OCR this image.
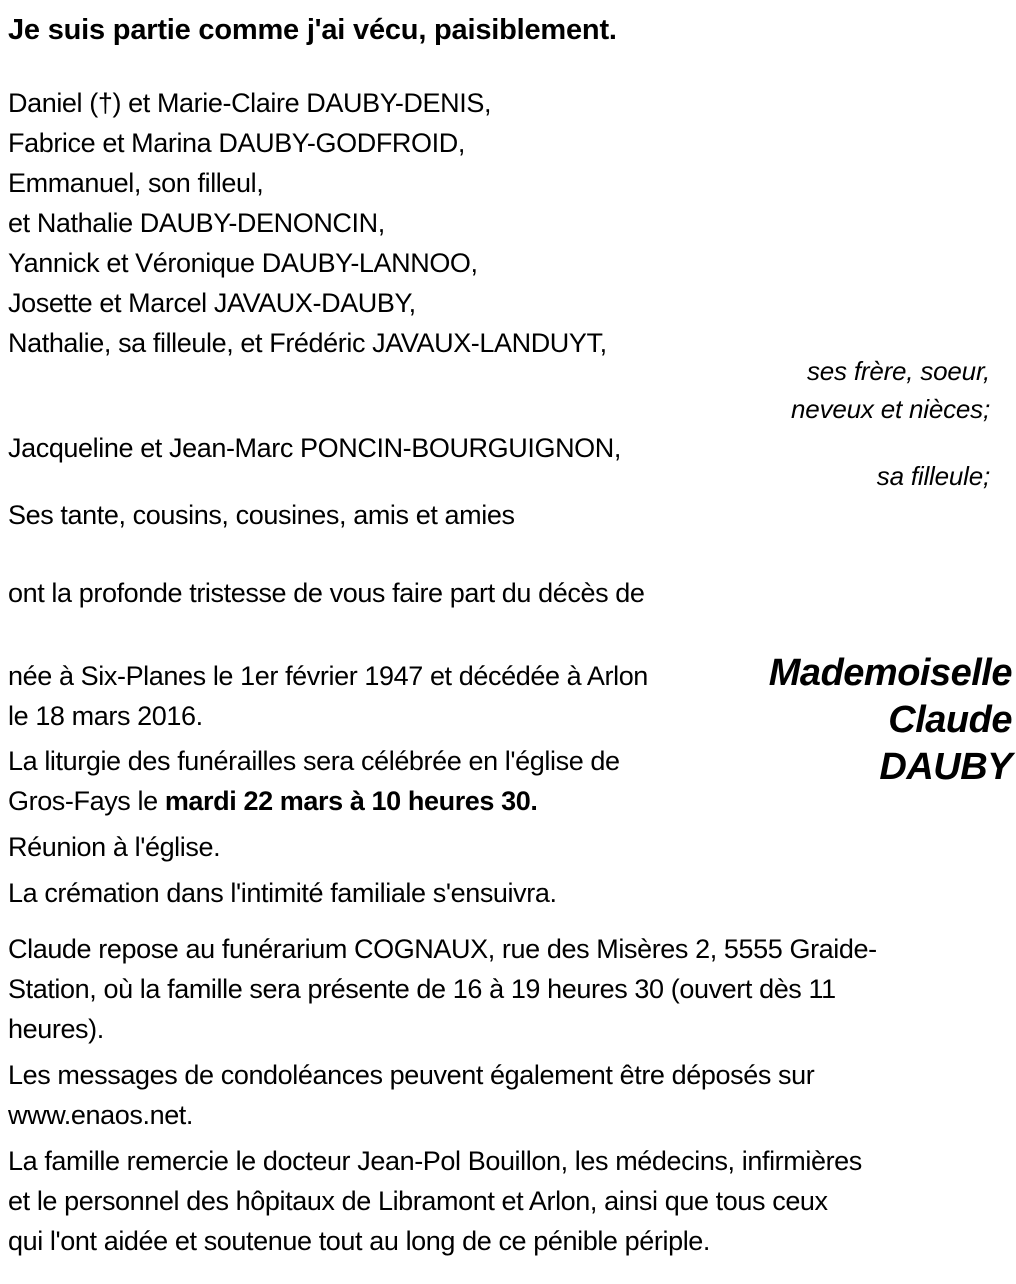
Je suis partie comme j'ai vécu, paisiblement.

Daniel (†) et Marie-Claire DAUBY-DENIS,
Fabrice et Marina DAUBY-GODFROID,
Emmanuel, son filleul,
et Nathalie DAUBY-DENONCIN,
Yannick et Véronique DAUBY-LANNOO,
Josette et Marcel JAVAUX-DAUBY,
Nathalie, sa filleule, et Frédéric JAVAUX-LANDUYT,
ses frère, soeur,
neveux et nièces;
Jacqueline et Jean-Marc PONCIN-BOURGUIGNON,
sa filleule;
Ses tante, cousins, cousines, amis et amies

ont la profonde tristesse de vous faire part du décès de

née à Six-Planes le 1er février 1947 et décédée à Arlon
le 18 mars 2016.
La liturgie des funérailles sera célébrée en l'église de
Gros-Fays le mardi 22 mars à 10 heures 30.
Mademoiselle
Claude
DAUBY

Réunion à l'église.

La crémation dans l'intimité familiale s'ensuivra.

Claude repose au funérarium COGNAUX, rue des Misères 2, 5555 Graide-
Station, où la famille sera présente de 16 à 19 heures 30 (ouvert dès 11
heures).
Les messages de condoléances peuvent également être déposés sur
www.enaos.net.
La famille remercie le docteur Jean-Pol Bouillon, les médecins, infirmières
et le personnel des hôpitaux de Libramont et Arlon, ainsi que tous ceux
qui l'ont aidée et soutenue tout au long de ce pénible périple.
